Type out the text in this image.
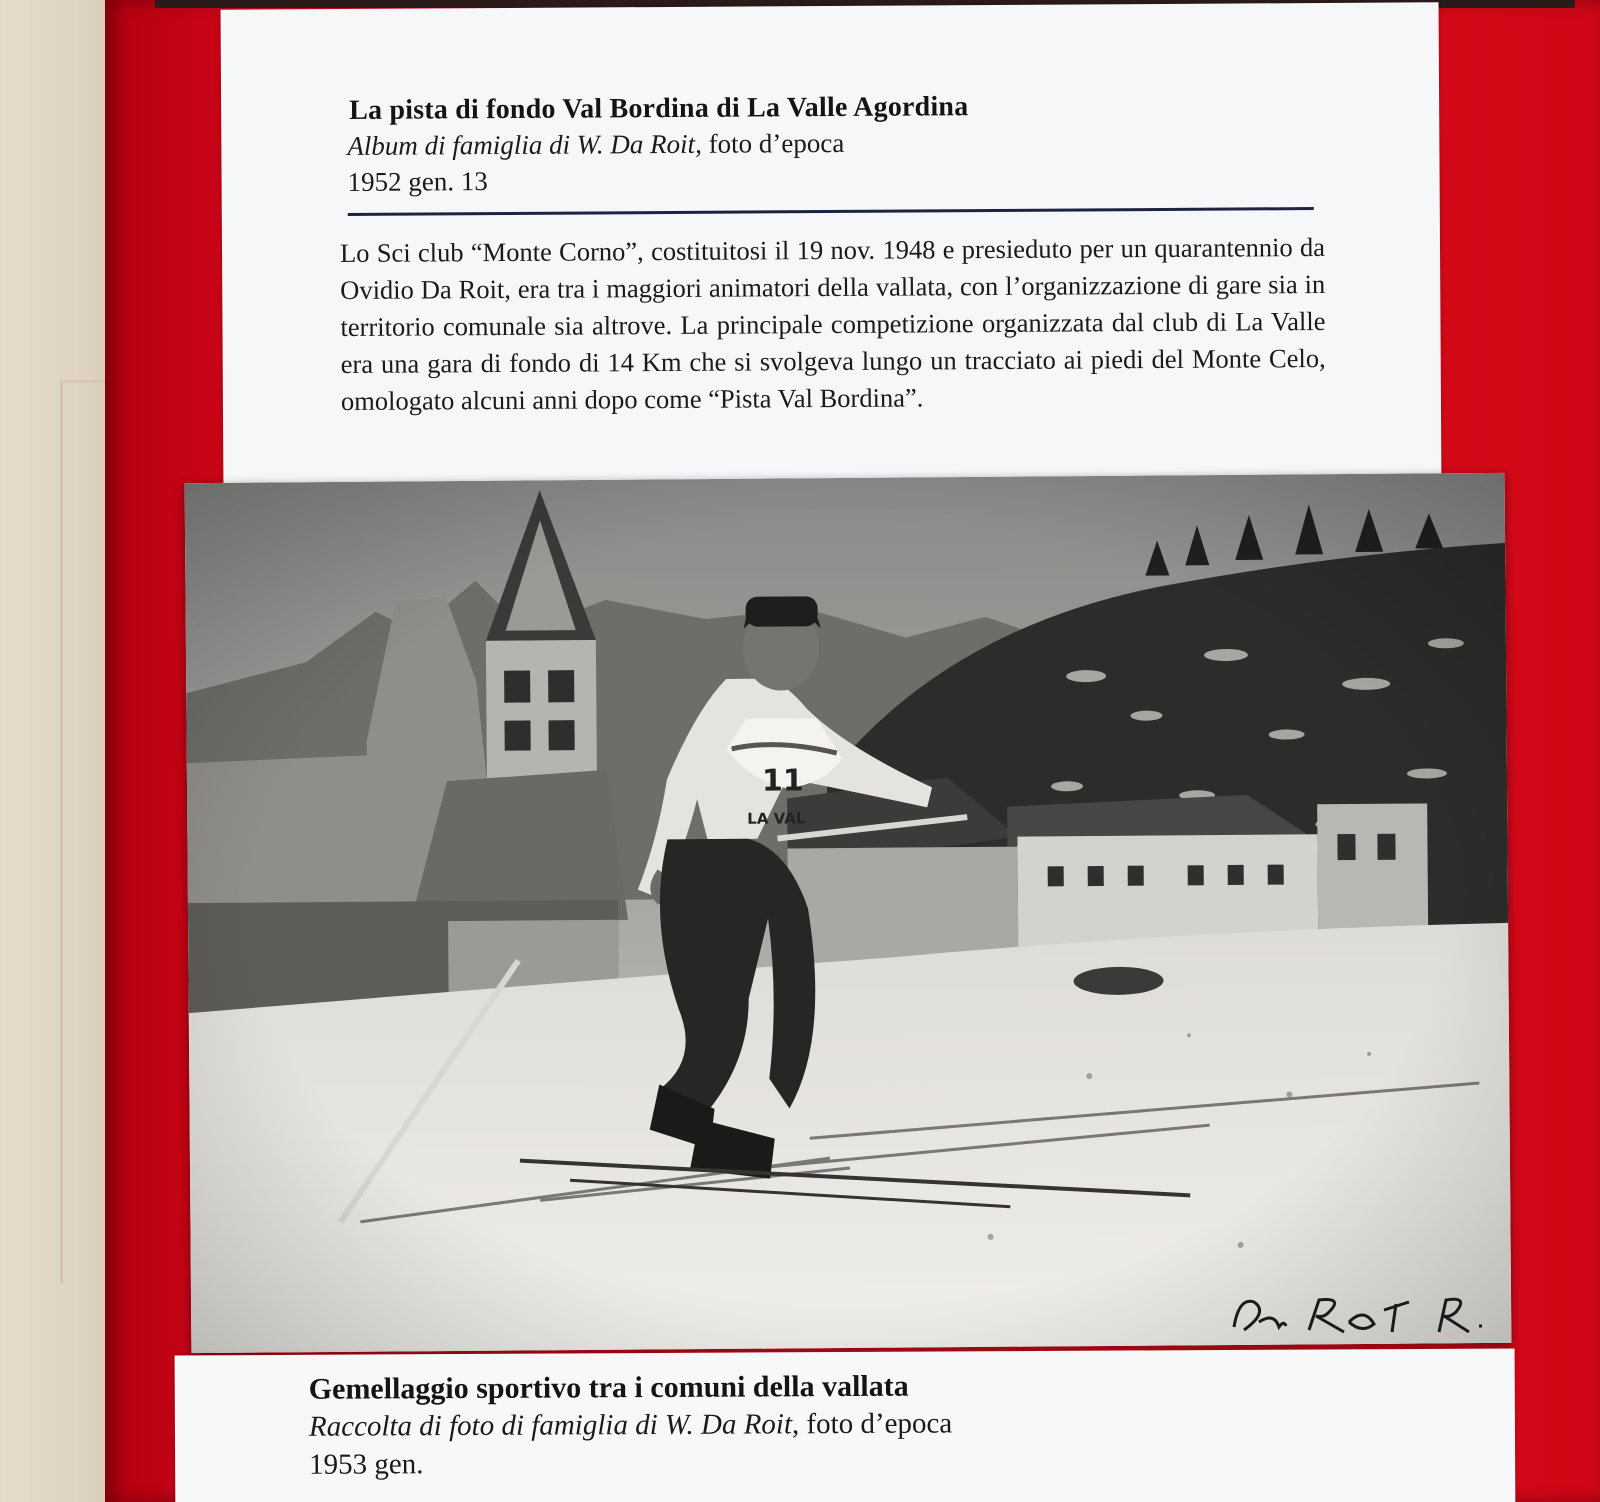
La pista di fondo Val Bordina di La Valle Agordina
Album di famiglia di W. Da Roit, foto d’epoca
1952 gen. 13
Lo Sci club “Monte Corno”, costituitosi il 19 nov. 1948 e presieduto per un quarantennio da Ovidio Da Roit, era tra i maggiori animatori della vallata, con l’organizzazione di gare sia in territorio comunale sia altrove. La principale competizione organizzata dal club di La Valle era una gara di fondo di 14 Km che si svolgeva lungo un tracciato ai piedi del Monte Celo, omologato alcuni anni dopo come “Pista Val Bordina”.
Gemellaggio sportivo tra i comuni della vallata
Raccolta di foto di famiglia di W. Da Roit, foto d’epoca
1953 gen.
